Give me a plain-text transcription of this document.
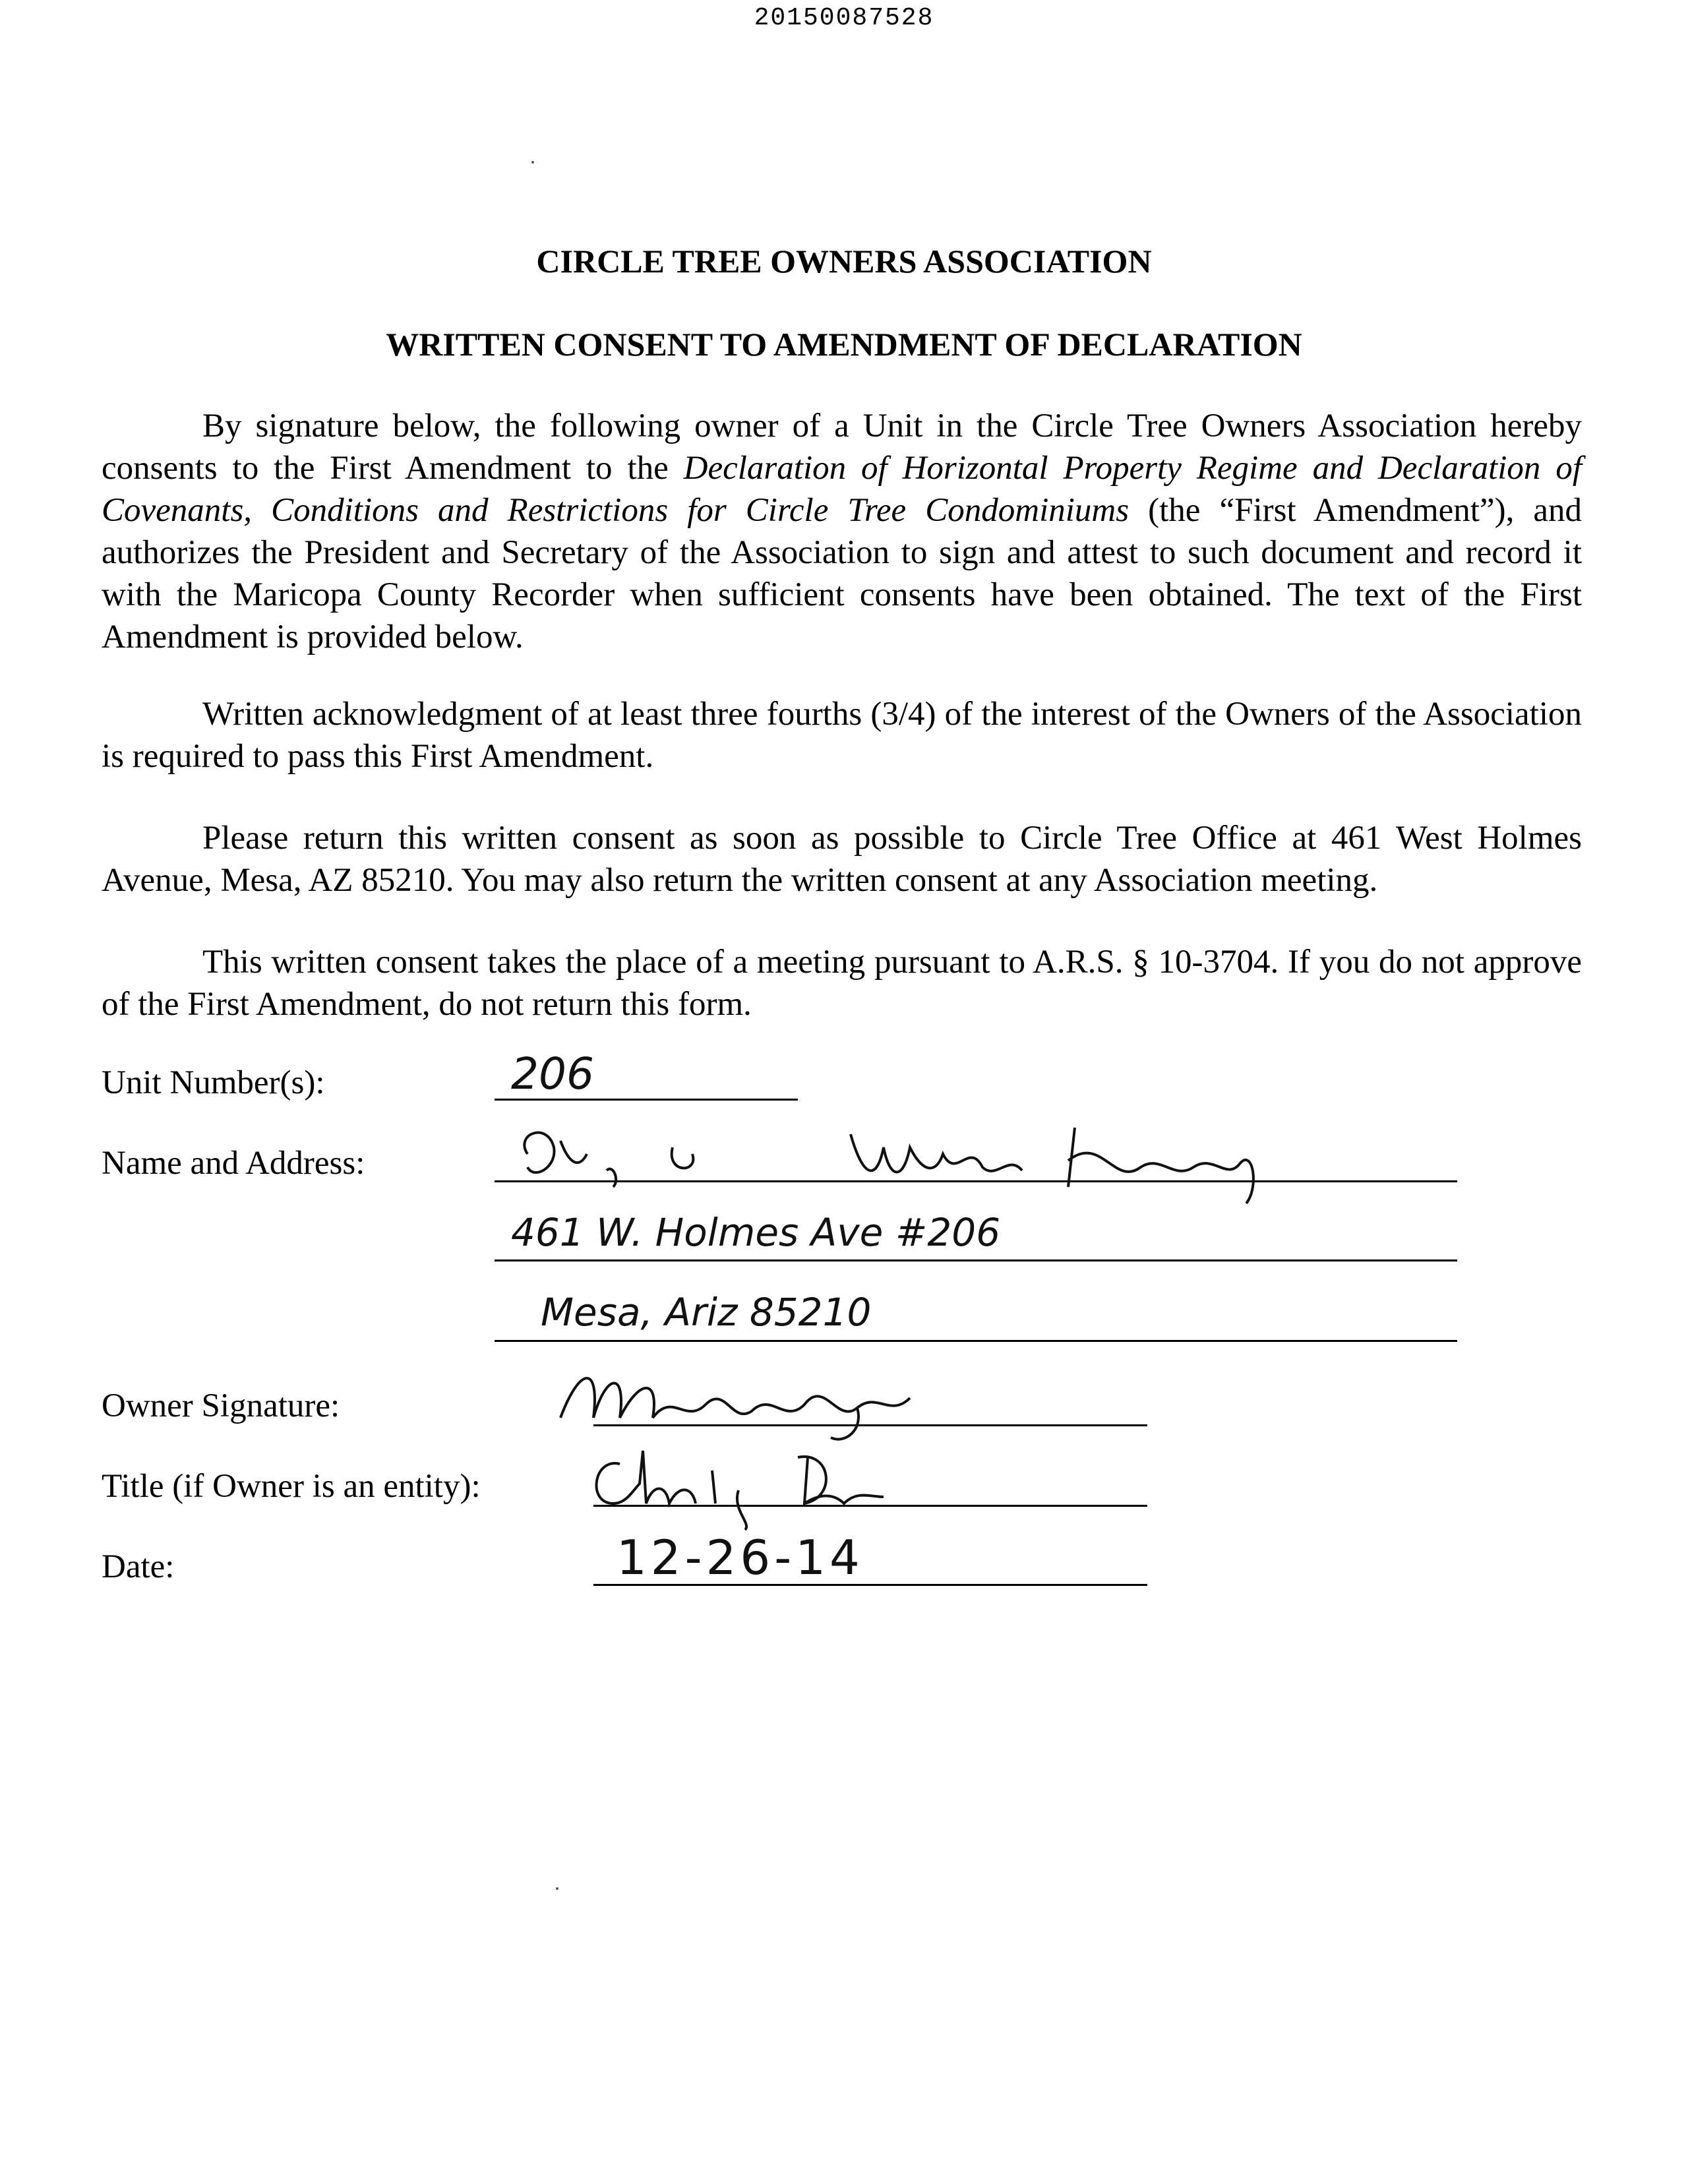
20150087528
CIRCLE TREE OWNERS ASSOCIATION
WRITTEN CONSENT TO AMENDMENT OF DECLARATION

By signature below, the following owner of a Unit in the Circle Tree Owners Association hereby consents to the First Amendment to the Declaration of Horizontal Property Regime and Declaration of Covenants, Conditions and Restrictions for Circle Tree Condominiums (the “First Amendment”), and authorizes the President and Secretary of the Association to sign and attest to such document and record it with the Maricopa County Recorder when sufficient consents have been obtained. The text of the First Amendment is provided below.

Written acknowledgment of at least three fourths (3/4) of the interest of the Owners of the Association is required to pass this First Amendment.

Please return this written consent as soon as possible to Circle Tree Office at 461 West Holmes Avenue, Mesa, AZ 85210. You may also return the written consent at any Association meeting.

This written consent takes the place of a meeting pursuant to A.R.S. § 10-3704. If you do not approve of the First Amendment, do not return this form.

Unit Number(s):	206
Name and Address:
461 W. Holmes Ave #206
Mesa, Ariz 85210
Owner Signature:
Title (if Owner is an entity):
Date:	12-26-14
